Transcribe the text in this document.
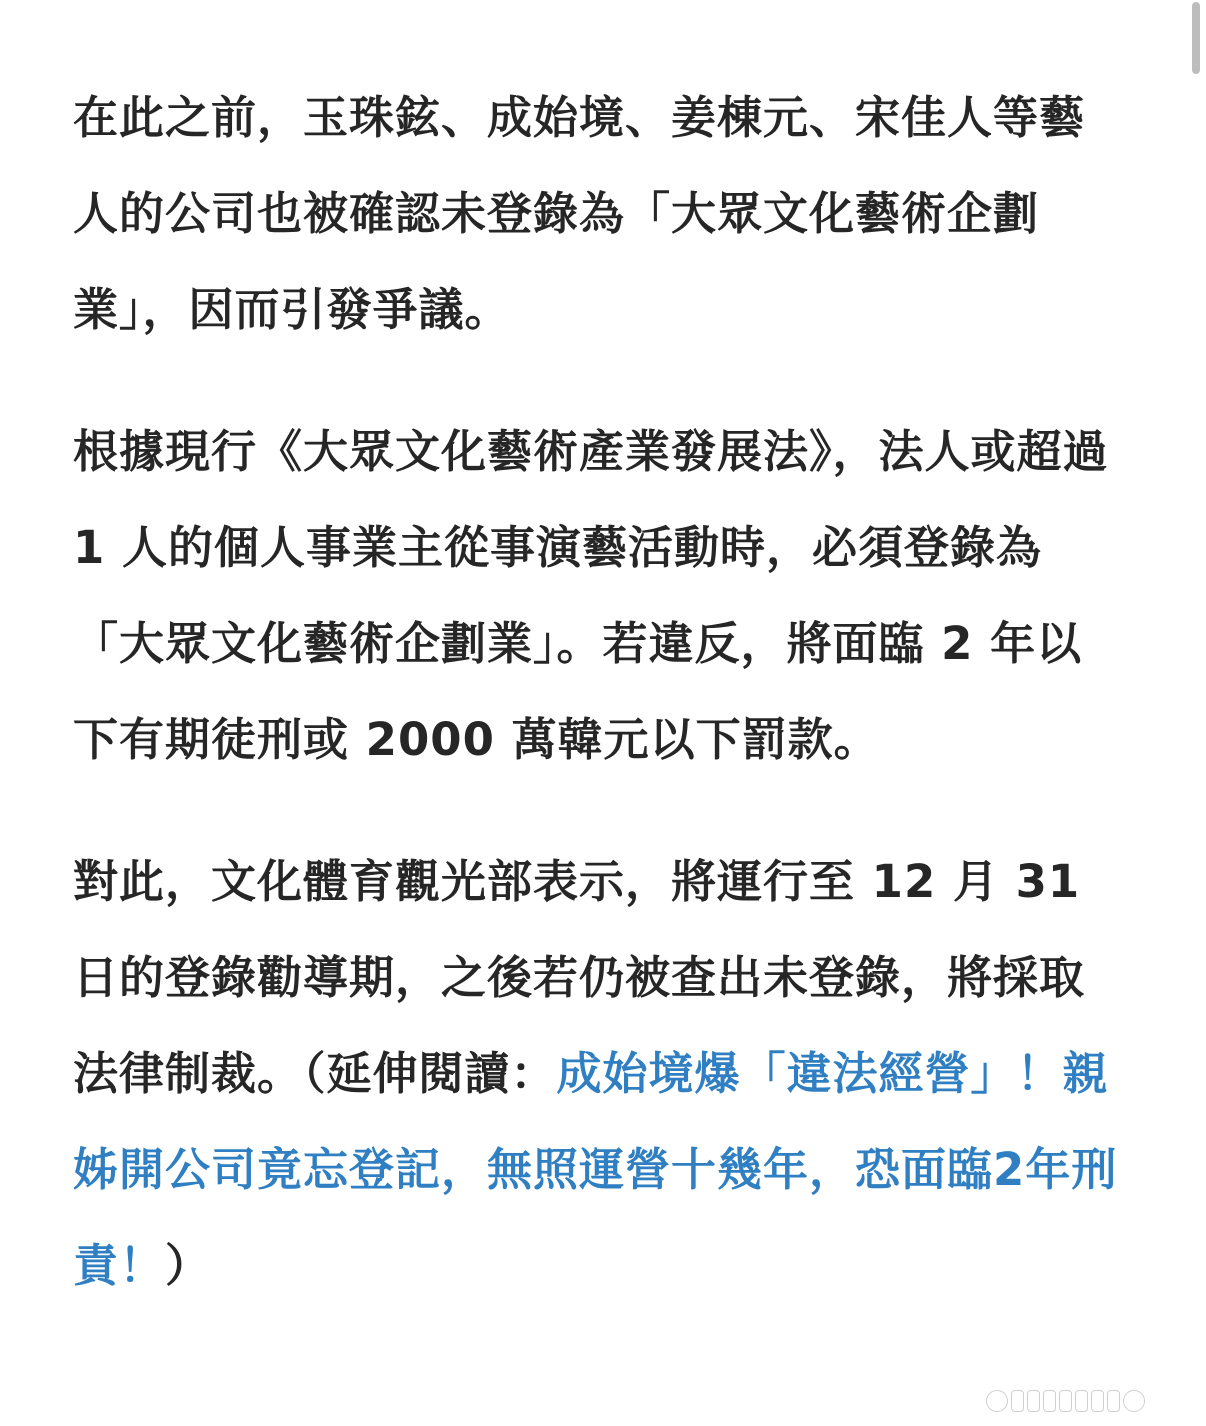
在此之前，玉珠鉉、成始境、姜棟元、宋佳人等藝人的公司也被確認未登錄為「大眾文化藝術企劃業」，因而引發爭議。

根據現行《大眾文化藝術產業發展法》，法人或超過 1 人的個人事業主從事演藝活動時，必須登錄為「大眾文化藝術企劃業」。若違反，將面臨 2 年以下有期徒刑或 2000 萬韓元以下罰款。

對此，文化體育觀光部表示，將運行至 12 月 31 日的登錄勸導期，之後若仍被查出未登錄，將採取法律制裁。（延伸閱讀：成始境爆「違法經營」！親姊開公司竟忘登記，無照運營十幾年，恐面臨2年刑責！）
